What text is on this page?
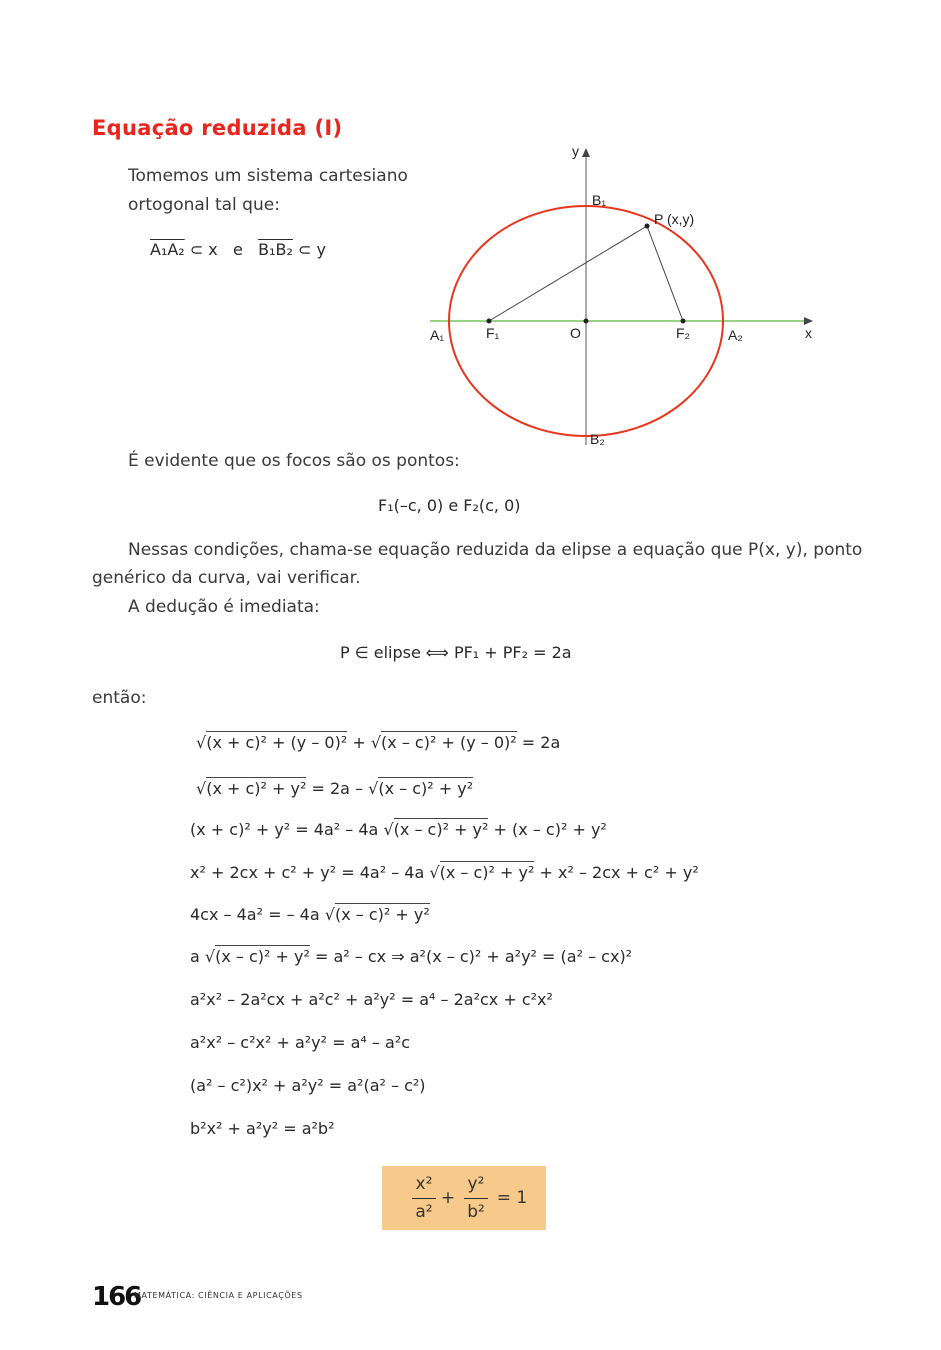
Equação reduzida (I)
Tomemos um sistema cartesiano
ortogonal tal que:
A₁A₂ ⊂ x e B₁B₂ ⊂ y
y
B₁
B₂
A₁	A₂
F₁	F₂
O
P (x,y)
x
É evidente que os focos são os pontos:
F₁(–c, 0) e F₂(c, 0)
Nessas condições, chama-se equação reduzida da elipse a equação que P(x, y), ponto
genérico da curva, vai verificar.
A dedução é imediata:
P ∈ elipse ⟺ PF₁ + PF₂ = 2a
então:
√(x + c)² + (y – 0)² + √(x – c)² + (y – 0)² = 2a
√(x + c)² + y² = 2a – √(x – c)² + y²
(x + c)² + y² = 4a² – 4a √(x – c)² + y² + (x – c)² + y²
x² + 2cx + c² + y² = 4a² – 4a √(x – c)² + y² + x² – 2cx + c² + y²
4cx – 4a² = – 4a √(x – c)² + y²
a √(x – c)² + y² = a² – cx ⇒ a²(x – c)² + a²y² = (a² – cx)²
a²x² – 2a²cx + a²c² + a²y² = a⁴ – 2a²cx + c²x²
a²x² – c²x² + a²y² = a⁴ – a²c
(a² – c²)x² + a²y² = a²(a² – c²)
b²x² + a²y² = a²b²
x²
a²
+
y²
b²
= 1
166
MATEMÁTICA: CIÊNCIA E APLICAÇÕES
